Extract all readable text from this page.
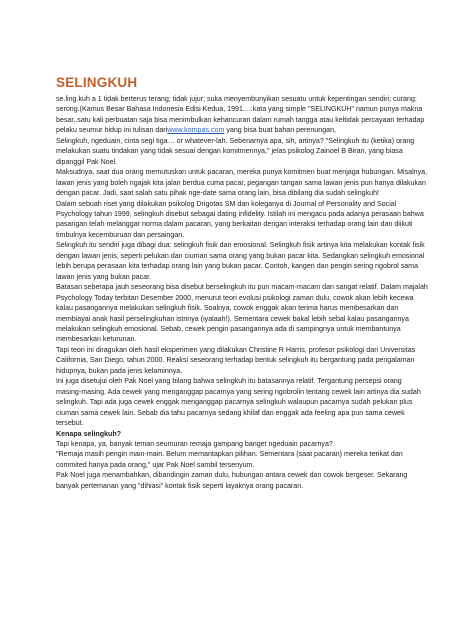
SELINGKUH

se.ling.kuh a 1 tidak berterus terang; tidak jujur; suka menyembunyikan sesuatu untuk kepentingan sendiri; curang; serong.(Kamus Besar Bahasa Indonesia Edisi Kedua, 1991.....kata yang simple "SELINGKUH" namun punya makna besar..satu kali perbuatan saja bisa menimbulkan kehancuran dalam rumah tangga atau keltidak percayaan terhadap pelaku seumur hidup ini tulisan dariwww.kompas.com yang bisa buat bahan perenungan,

Selingkuh, ngeduain, cinta segi tiga… or whatever-lah. Sebenarnya apa, sih, artinya? "Selingkuh itu (ketika) orang melakukan suatu tindakan yang tidak sesuai dengan komitmennya," jelas psikolog Zainoel B Biran, yang biasa dipanggil Pak Noel.

Maksudnya, saat dua orang memutuskan untuk pacaran, mereka punya komitmen buat menjaga hubungan. Misalnya, lawan jenis yang boleh ngajak kita jalan berdua cuma pacar, pegangan tangan sama lawan jenis pun hanya dilakukan dengan pacar. Jadi, saat salah satu pihak nge-date sama orang lain, bisa dibilang dia sudah selingkuh!

Dalam sebuah riset yang dilakukan psikolog Drigotas SM dan koleganya di Journal of Personality and Social Psychology tahun 1999, selingkuh disebut sebagai dating infidelity. Istilah ini mengacu pada adanya perasaan bahwa pasangan telah melanggar norma dalam pacaran, yang berkaitan dengan interaksi terhadap orang lain dan diikuti timbulnya kecemburuan dan persaingan.

Selingkuh itu sendiri juga dibagi dua: selingkuh fisik dan emosional. Selingkuh fisik artinya kita melakukan kontak fisik dengan lawan jenis, seperti pelukan dan ciuman sama orang yang bukan pacar kita. Sedangkan selingkuh emosional lebih berupa perasaan kita terhadap orang lain yang bukan pacar. Contoh, kangen dan pengin sering ngobrol sama lawan jenis yang bukan pacar.

Batasan seberapa jauh seseorang bisa disebut berselingkuh itu pun macam-macam dan sangat relatif. Dalam majalah Psychology Today terbitan Desember 2000, menurut teori evolusi psikologi zaman dulu, cowok akan lebih kecewa kalau pasangannya melakukan selingkuh fisik. Soalnya, cowok enggak akan terima harus membesarkan dan membiayai anak hasil perselingkuhan istrinya (iyalaah!). Sementara cewek bakal lebih sebal kalau pasangannya melakukan selingkuh emosional. Sebab, cewek pengin pasangannya ada di sampingnya untuk membantunya membesarkan keturunan.

Tapi teori ini diragukan oleh hasil eksperimen yang dilakukan Christine R Harris, profesor psikologi dari Universitas California, San Diego, tahun 2000. Reaksi seseorang terhadap bentuk selingkuh itu bergantung pada pengalaman hidupnya, bukan pada jenis kelaminnya.

Ini juga disetujui oleh Pak Noel yang bilang bahwa selingkuh itu batasannya relatif. Tergantung persepsi orang masing-masing. Ada cewek yang menganggap pacarnya yang sering ngobrolin tentang cewek lain artinya dia sudah selingkuh. Tapi ada juga cewek enggak menganggap pacarnya selingkuh walaupun pacarnya sudah pelukan plus ciuman sama cewek lain. Sebab dia tahu pacarnya sedang khilaf dan enggak ada feeling apa pun sama cewek tersebut.

Kenapa selingkuh?

Tapi kenapa, ya, banyak teman seumuran remaja gampang banget ngeduain pacarnya?

"Remaja masih pengin main-main. Belum memantapkan pilihan. Sementara (saat pacaran) mereka terikat dan commited hanya pada orang," ujar Pak Noel sambil tersenyum.

Pak Noel juga menambahkan, dibandingin zaman dulu, hubungan antara cewek dan cowok bergeser. Sekarang banyak pertemanan yang "dihiasi" kontak fisik seperti layaknya orang pacaran.
